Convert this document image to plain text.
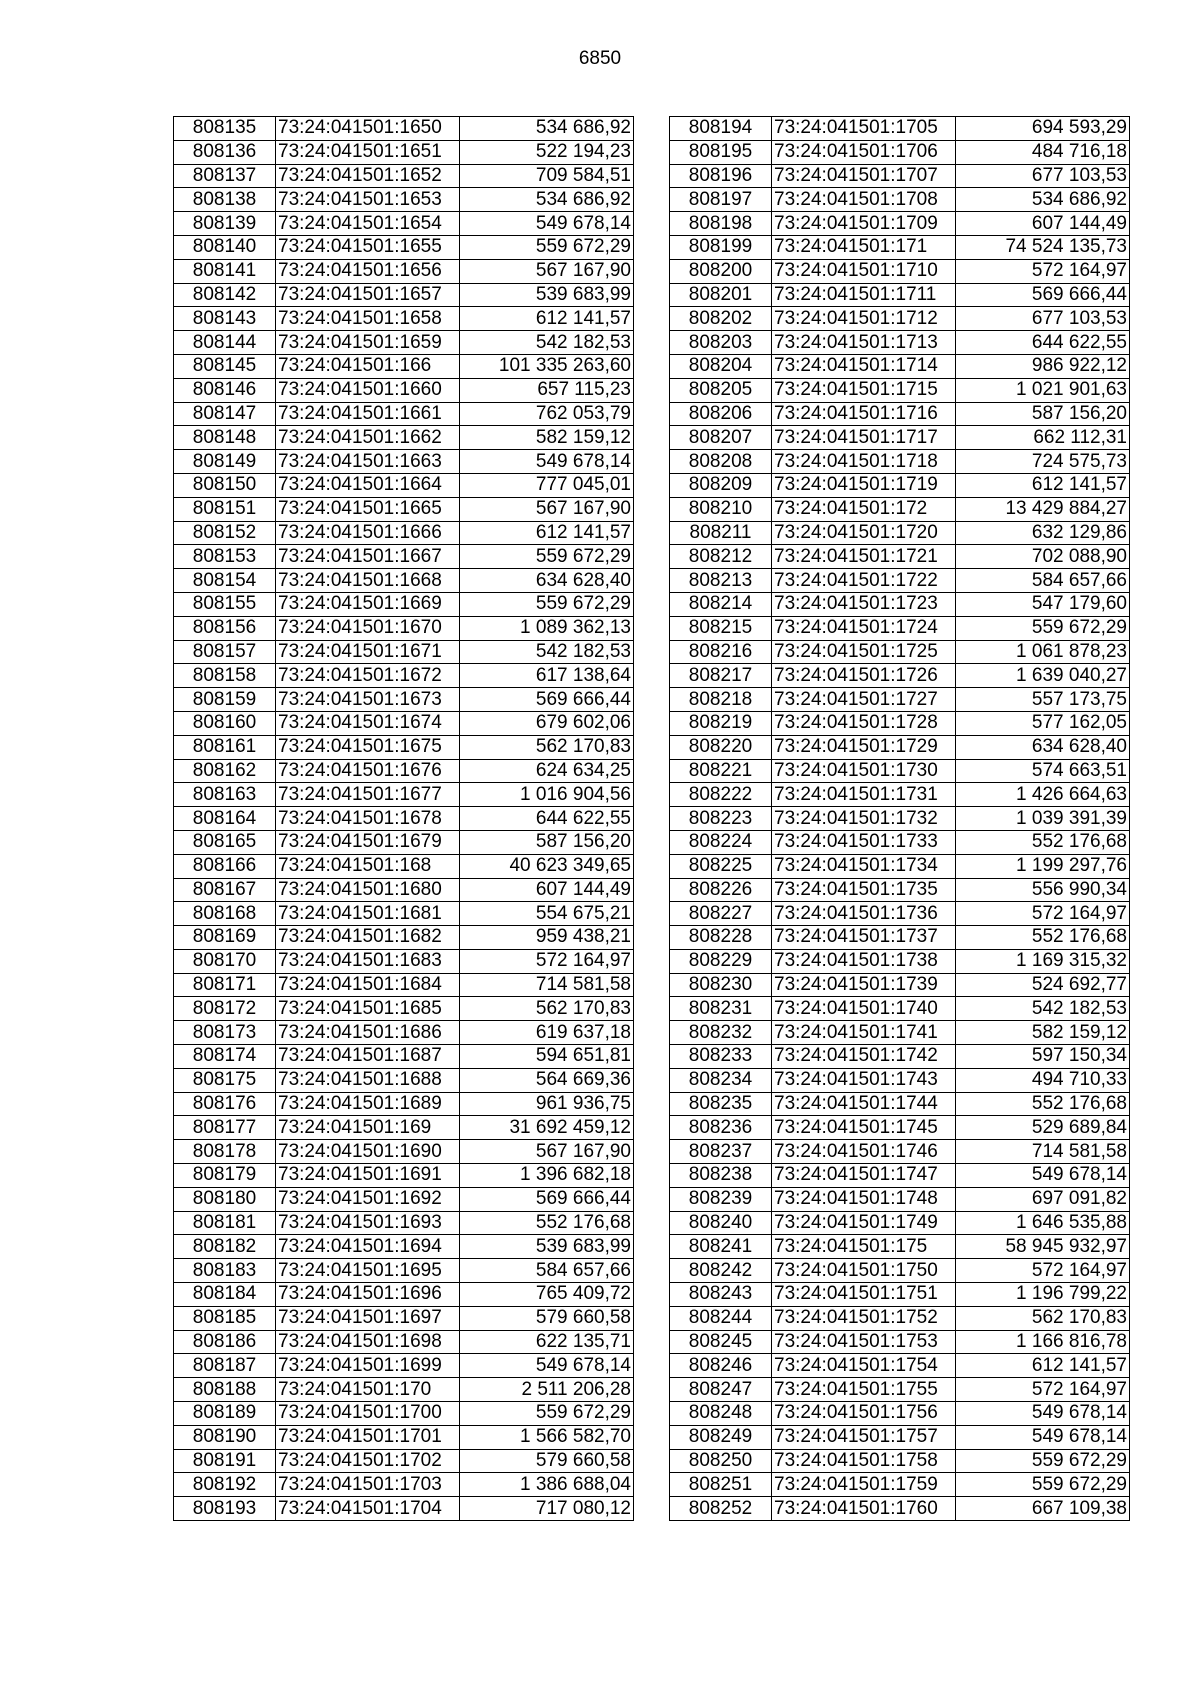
6850
808135	73:24:041501:1650	534 686,92
808136	73:24:041501:1651	522 194,23
808137	73:24:041501:1652	709 584,51
808138	73:24:041501:1653	534 686,92
808139	73:24:041501:1654	549 678,14
808140	73:24:041501:1655	559 672,29
808141	73:24:041501:1656	567 167,90
808142	73:24:041501:1657	539 683,99
808143	73:24:041501:1658	612 141,57
808144	73:24:041501:1659	542 182,53
808145	73:24:041501:166	101 335 263,60
808146	73:24:041501:1660	657 115,23
808147	73:24:041501:1661	762 053,79
808148	73:24:041501:1662	582 159,12
808149	73:24:041501:1663	549 678,14
808150	73:24:041501:1664	777 045,01
808151	73:24:041501:1665	567 167,90
808152	73:24:041501:1666	612 141,57
808153	73:24:041501:1667	559 672,29
808154	73:24:041501:1668	634 628,40
808155	73:24:041501:1669	559 672,29
808156	73:24:041501:1670	1 089 362,13
808157	73:24:041501:1671	542 182,53
808158	73:24:041501:1672	617 138,64
808159	73:24:041501:1673	569 666,44
808160	73:24:041501:1674	679 602,06
808161	73:24:041501:1675	562 170,83
808162	73:24:041501:1676	624 634,25
808163	73:24:041501:1677	1 016 904,56
808164	73:24:041501:1678	644 622,55
808165	73:24:041501:1679	587 156,20
808166	73:24:041501:168	40 623 349,65
808167	73:24:041501:1680	607 144,49
808168	73:24:041501:1681	554 675,21
808169	73:24:041501:1682	959 438,21
808170	73:24:041501:1683	572 164,97
808171	73:24:041501:1684	714 581,58
808172	73:24:041501:1685	562 170,83
808173	73:24:041501:1686	619 637,18
808174	73:24:041501:1687	594 651,81
808175	73:24:041501:1688	564 669,36
808176	73:24:041501:1689	961 936,75
808177	73:24:041501:169	31 692 459,12
808178	73:24:041501:1690	567 167,90
808179	73:24:041501:1691	1 396 682,18
808180	73:24:041501:1692	569 666,44
808181	73:24:041501:1693	552 176,68
808182	73:24:041501:1694	539 683,99
808183	73:24:041501:1695	584 657,66
808184	73:24:041501:1696	765 409,72
808185	73:24:041501:1697	579 660,58
808186	73:24:041501:1698	622 135,71
808187	73:24:041501:1699	549 678,14
808188	73:24:041501:170	2 511 206,28
808189	73:24:041501:1700	559 672,29
808190	73:24:041501:1701	1 566 582,70
808191	73:24:041501:1702	579 660,58
808192	73:24:041501:1703	1 386 688,04
808193	73:24:041501:1704	717 080,12
808194	73:24:041501:1705	694 593,29
808195	73:24:041501:1706	484 716,18
808196	73:24:041501:1707	677 103,53
808197	73:24:041501:1708	534 686,92
808198	73:24:041501:1709	607 144,49
808199	73:24:041501:171	74 524 135,73
808200	73:24:041501:1710	572 164,97
808201	73:24:041501:1711	569 666,44
808202	73:24:041501:1712	677 103,53
808203	73:24:041501:1713	644 622,55
808204	73:24:041501:1714	986 922,12
808205	73:24:041501:1715	1 021 901,63
808206	73:24:041501:1716	587 156,20
808207	73:24:041501:1717	662 112,31
808208	73:24:041501:1718	724 575,73
808209	73:24:041501:1719	612 141,57
808210	73:24:041501:172	13 429 884,27
808211	73:24:041501:1720	632 129,86
808212	73:24:041501:1721	702 088,90
808213	73:24:041501:1722	584 657,66
808214	73:24:041501:1723	547 179,60
808215	73:24:041501:1724	559 672,29
808216	73:24:041501:1725	1 061 878,23
808217	73:24:041501:1726	1 639 040,27
808218	73:24:041501:1727	557 173,75
808219	73:24:041501:1728	577 162,05
808220	73:24:041501:1729	634 628,40
808221	73:24:041501:1730	574 663,51
808222	73:24:041501:1731	1 426 664,63
808223	73:24:041501:1732	1 039 391,39
808224	73:24:041501:1733	552 176,68
808225	73:24:041501:1734	1 199 297,76
808226	73:24:041501:1735	556 990,34
808227	73:24:041501:1736	572 164,97
808228	73:24:041501:1737	552 176,68
808229	73:24:041501:1738	1 169 315,32
808230	73:24:041501:1739	524 692,77
808231	73:24:041501:1740	542 182,53
808232	73:24:041501:1741	582 159,12
808233	73:24:041501:1742	597 150,34
808234	73:24:041501:1743	494 710,33
808235	73:24:041501:1744	552 176,68
808236	73:24:041501:1745	529 689,84
808237	73:24:041501:1746	714 581,58
808238	73:24:041501:1747	549 678,14
808239	73:24:041501:1748	697 091,82
808240	73:24:041501:1749	1 646 535,88
808241	73:24:041501:175	58 945 932,97
808242	73:24:041501:1750	572 164,97
808243	73:24:041501:1751	1 196 799,22
808244	73:24:041501:1752	562 170,83
808245	73:24:041501:1753	1 166 816,78
808246	73:24:041501:1754	612 141,57
808247	73:24:041501:1755	572 164,97
808248	73:24:041501:1756	549 678,14
808249	73:24:041501:1757	549 678,14
808250	73:24:041501:1758	559 672,29
808251	73:24:041501:1759	559 672,29
808252	73:24:041501:1760	667 109,38
